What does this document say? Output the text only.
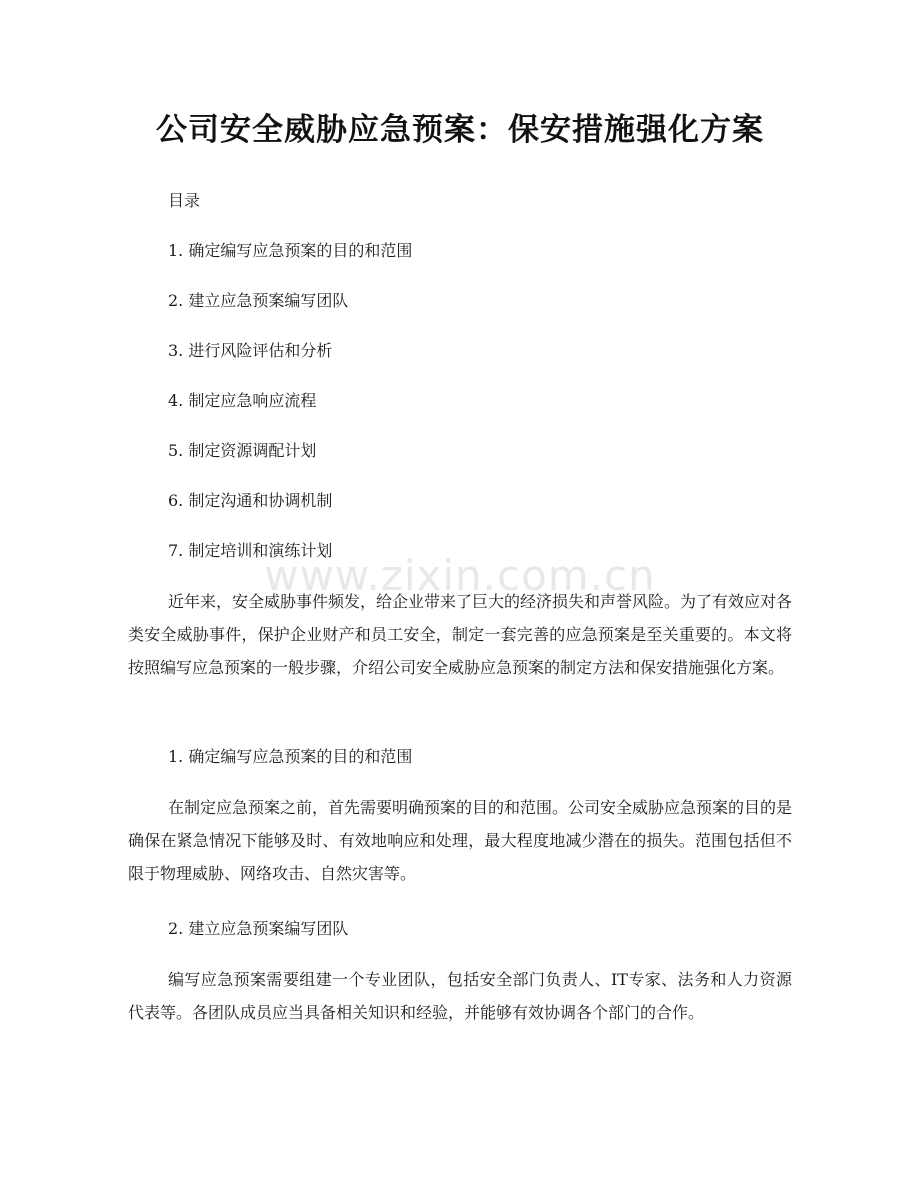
公司安全威胁应急预案：保安措施强化方案
目录
1. 确定编写应急预案的目的和范围
2. 建立应急预案编写团队
3. 进行风险评估和分析
4. 制定应急响应流程
5. 制定资源调配计划
6. 制定沟通和协调机制
7. 制定培训和演练计划
近年来，安全威胁事件频发，给企业带来了巨大的经济损失和声誉风险。为了有效应对各类安全威胁事件，保护企业财产和员工安全，制定一套完善的应急预案是至关重要的。本文将按照编写应急预案的一般步骤，介绍公司安全威胁应急预案的制定方法和保安措施强化方案。
1. 确定编写应急预案的目的和范围
在制定应急预案之前，首先需要明确预案的目的和范围。公司安全威胁应急预案的目的是确保在紧急情况下能够及时、有效地响应和处理，最大程度地减少潜在的损失。范围包括但不限于物理威胁、网络攻击、自然灾害等。
2. 建立应急预案编写团队
编写应急预案需要组建一个专业团队，包括安全部门负责人、IT专家、法务和人力资源代表等。各团队成员应当具备相关知识和经验，并能够有效协调各个部门的合作。
www.zixin.com.cn
